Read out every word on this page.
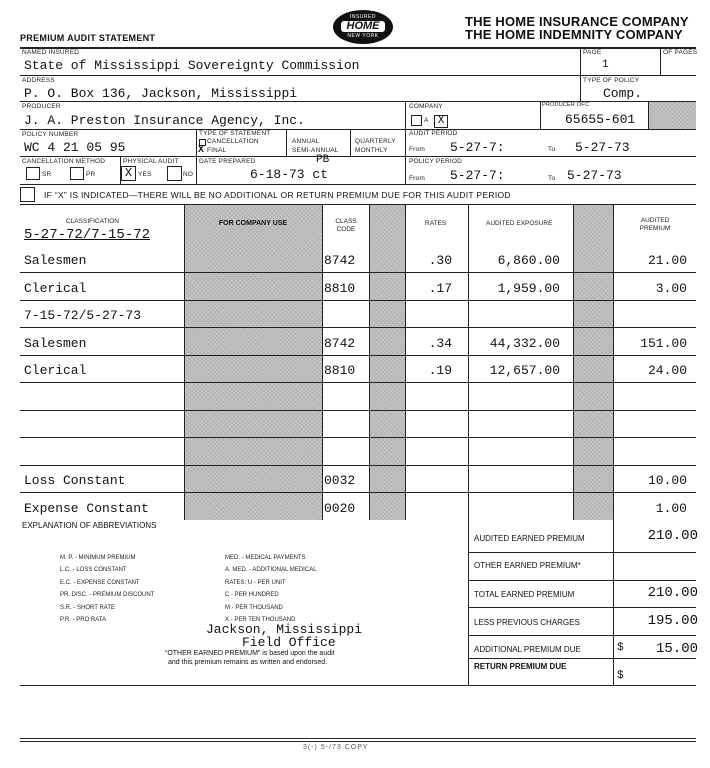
PREMIUM AUDIT STATEMENT
INSURED
HOME
NEW YORK
THE HOME INSURANCE COMPANY
THE HOME INDEMNITY COMPANY
NAMED INSURED
State of Mississippi Sovereignty Commission
PAGE	OF PAGES
1
ADDRESS
P. O. Box 136, Jackson, Mississippi
TYPE OF POLICY
Comp.
PRODUCER
J. A. Preston Insurance Agency, Inc.
COMPANY
A X
PRODUCER OFC
65655-601
POLICY NUMBER
WC 4 21 05 95
TYPE OF STATEMENT
CANCELLATION
X FINAL
ANNUAL
SEMI-ANNUAL
QUARTERLY
MONTHLY
AUDIT PERIOD
From 5-27-7:	To 5-27-73
CANCELLATION METHOD
SR	PR
PHYSICAL AUDIT
X YES	NO
DATE PREPARED	PB
6-18-73 ct
POLICY PERIOD
From 5-27-7:	To 5-27-73
IF “X” IS INDICATED—THERE WILL BE NO ADDITIONAL OR RETURN PREMIUM DUE FOR THIS AUDIT PERIOD
CLASSIFICATION
5-27-72/7-15-72
FOR COMPANY USE	CLASS CODE
RATES	AUDITED EXPOSURE	AUDITED PREMIUM
Salesmen	8742	.30	6,860.00	21.00
Clerical	8810	.17	1,959.00	3.00
7-15-72/5-27-73
Salesmen	8742	.34	44,332.00	151.00
Clerical	8810	.19	12,657.00	24.00
Loss Constant	0032	10.00
Expense Constant	0020	1.00
EXPLANATION OF ABBREVIATIONS
M. P. - MINIMUM PREMIUM
L.C. - LOSS CONSTANT
E.C. - EXPENSE CONSTANT
PR. DISC. - PREMIUM DISCOUNT
S.R. - SHORT RATE
P.R. - PRO RATA
MED. - MEDICAL PAYMENTS
A. MED. - ADDITIONAL MEDICAL
RATES: U - PER UNIT
C - PER HUNDRED
M - PER THOUSAND
X - PER TEN THOUSAND
Jackson, Mississippi
Field Office
“OTHER EARNED PREMIUM” is based upon the audit
and this premium remains as written and endorsed.
AUDITED EARNED PREMIUM	210.00
OTHER EARNED PREMIUM*
TOTAL EARNED PREMIUM	210.00
LESS PREVIOUS CHARGES	195.00
ADDITIONAL PREMIUM DUE	$	15.00
RETURN PREMIUM DUE
$
3(-) 5-/73 COPY
